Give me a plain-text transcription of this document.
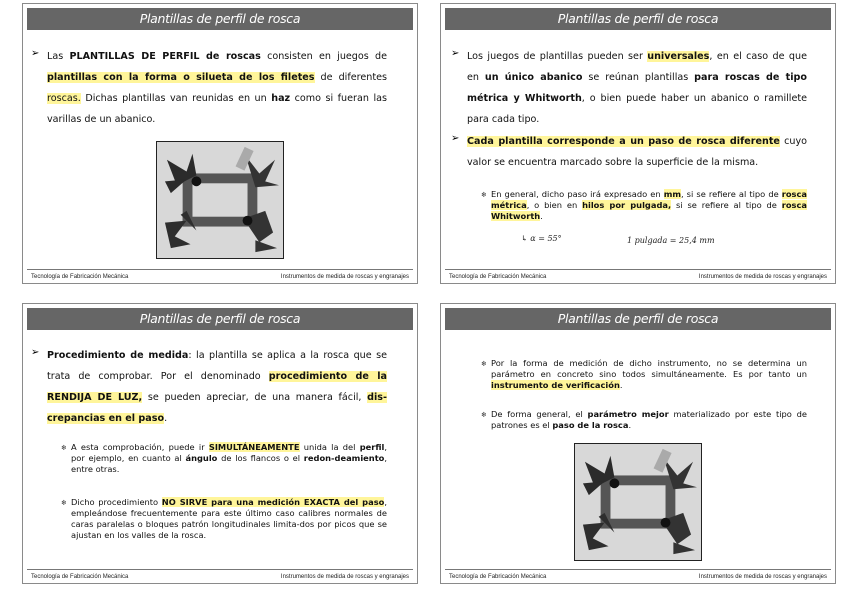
Plantillas de perfil de rosca
➢ Las PLANTILLAS DE PERFIL de roscas consisten en juegos de plantillas con la forma o silueta de los filetes de diferentes roscas. Dichas plantillas van reunidas en un haz como si fueran las varillas de un abanico.
Tecnología de Fabricación Mecánica	Instrumentos de medida de roscas y engranajes
Plantillas de perfil de rosca
➢ Los juegos de plantillas pueden ser universales, en el caso de que en un único abanico se reúnan plantillas para roscas de tipo métrica y Whitworth, o bien puede haber un abanico o ramillete para cada tipo.
➢ Cada plantilla corresponde a un paso de rosca diferente cuyo valor se encuentra marcado sobre la superficie de la misma.
❄ En general, dicho paso irá expresado en mm, si se refiere al tipo de rosca métrica, o bien en hilos por pulgada, si se refiere al tipo de rosca Whitworth.
↳ α = 55°	1 pulgada = 25,4 mm
Tecnología de Fabricación Mecánica	Instrumentos de medida de roscas y engranajes
Plantillas de perfil de rosca
➢ Procedimiento de medida: la plantilla se aplica a la rosca que se trata de comprobar. Por el denominado procedimiento de la RENDIJA DE LUZ, se pueden apreciar, de una manera fácil, dis-crepancias en el paso.
❄ A esta comprobación, puede ir SIMULTÁNEAMENTE unida la del perfil, por ejemplo, en cuanto al ángulo de los flancos o el redon-deamiento, entre otras.
❄ Dicho procedimiento NO SIRVE para una medición EXACTA del paso, empleándose frecuentemente para este último caso calibres normales de caras paralelas o bloques patrón longitudinales limita-dos por picos que se ajustan en los valles de la rosca.
Tecnología de Fabricación Mecánica	Instrumentos de medida de roscas y engranajes
Plantillas de perfil de rosca
❄ Por la forma de medición de dicho instrumento, no se determina un parámetro en concreto sino todos simultáneamente. Es por tanto un instrumento de verificación.
❄ De forma general, el parámetro mejor materializado por este tipo de patrones es el paso de la rosca.
Tecnología de Fabricación Mecánica	Instrumentos de medida de roscas y engranajes
